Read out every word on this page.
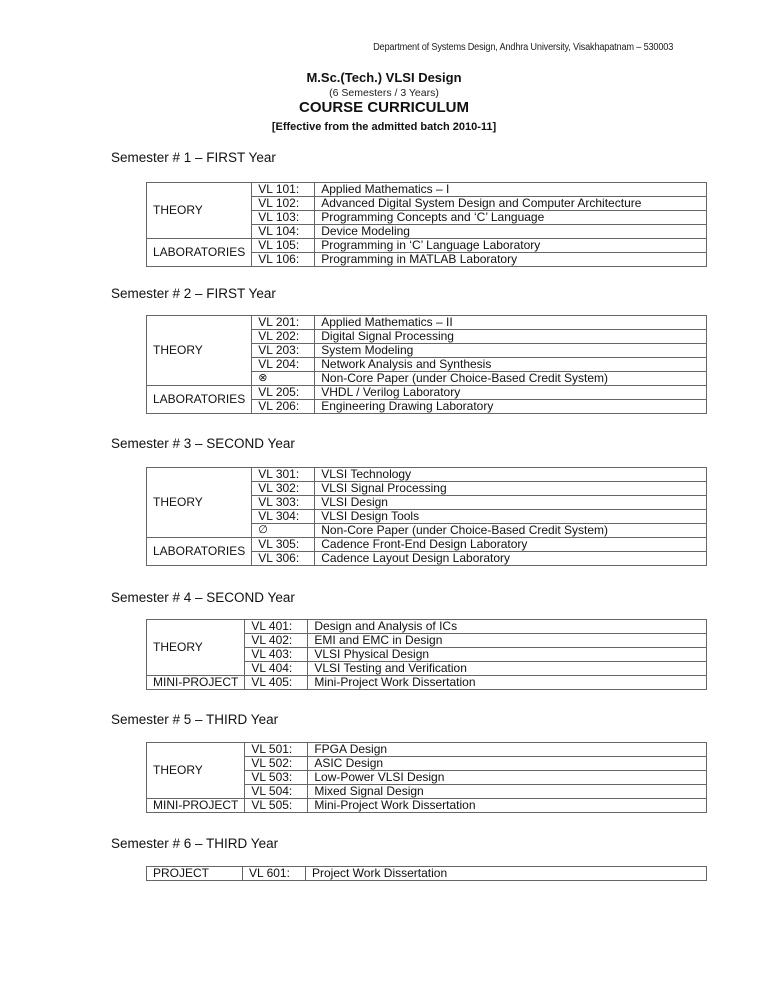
Department of Systems Design, Andhra University, Visakhapatnam – 530003
M.Sc.(Tech.) VLSI Design
(6 Semesters / 3 Years)
COURSE CURRICULUM
[Effective from the admitted batch 2010-11]
Semester # 1 – FIRST Year
THEORY	VL 101:	Applied Mathematics – I
	VL 102:	Advanced Digital System Design and Computer Architecture
	VL 103:	Programming Concepts and ‘C’ Language
	VL 104:	Device Modeling
LABORATORIES	VL 105:	Programming in ‘C’ Language Laboratory
	VL 106:	Programming in MATLAB Laboratory
Semester # 2 – FIRST Year
THEORY	VL 201:	Applied Mathematics – II
	VL 202:	Digital Signal Processing
	VL 203:	System Modeling
	VL 204:	Network Analysis and Synthesis
	⊗	Non-Core Paper (under Choice-Based Credit System)
LABORATORIES	VL 205:	VHDL / Verilog Laboratory
	VL 206:	Engineering Drawing Laboratory
Semester # 3 – SECOND Year
THEORY	VL 301:	VLSI Technology
	VL 302:	VLSI Signal Processing
	VL 303:	VLSI Design
	VL 304:	VLSI Design Tools
	∅	Non-Core Paper (under Choice-Based Credit System)
LABORATORIES	VL 305:	Cadence Front-End Design Laboratory
	VL 306:	Cadence Layout Design Laboratory
Semester # 4 – SECOND Year
THEORY	VL 401:	Design and Analysis of ICs
	VL 402:	EMI and EMC in Design
	VL 403:	VLSI Physical Design
	VL 404:	VLSI Testing and Verification
MINI-PROJECT	VL 405:	Mini-Project Work Dissertation
Semester # 5 – THIRD Year
THEORY	VL 501:	FPGA Design
	VL 502:	ASIC Design
	VL 503:	Low-Power VLSI Design
	VL 504:	Mixed Signal Design
MINI-PROJECT	VL 505:	Mini-Project Work Dissertation
Semester # 6 – THIRD Year
PROJECT	VL 601:	Project Work Dissertation
